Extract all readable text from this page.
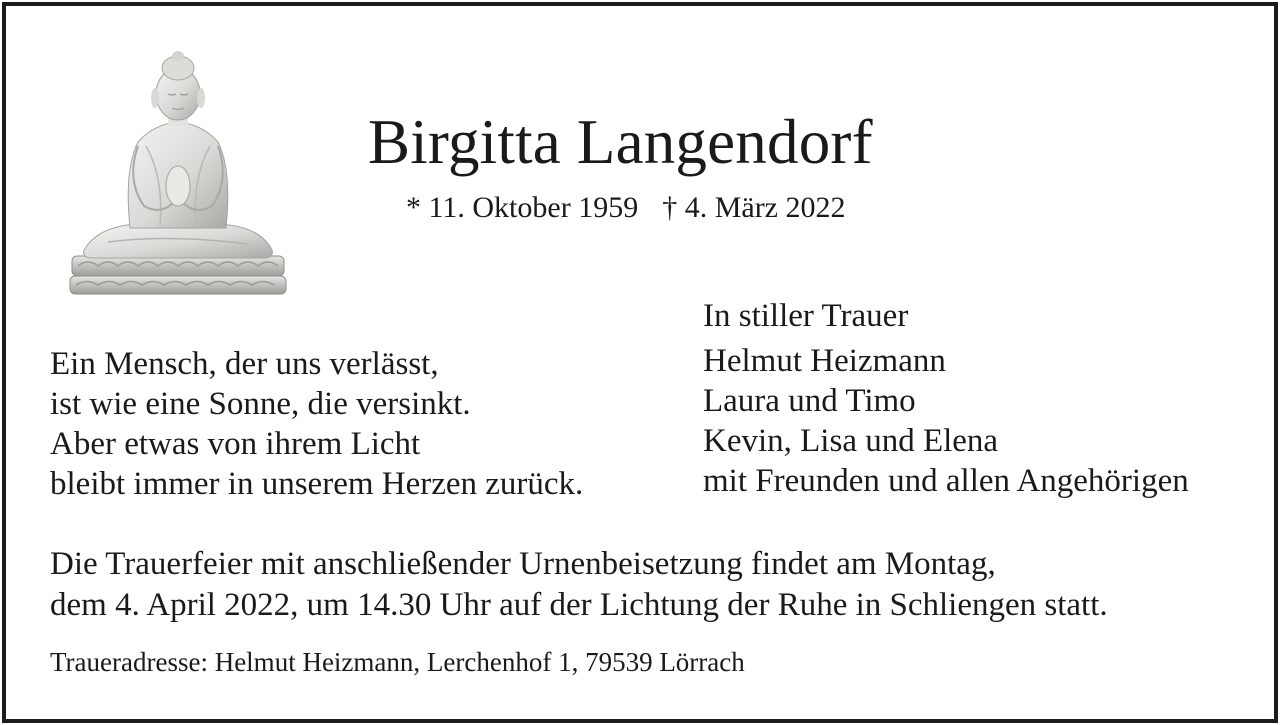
Birgitta Langendorf
* 11. Oktober 1959 † 4. März 2022
Ein Mensch, der uns verlässt,
ist wie eine Sonne, die versinkt.
Aber etwas von ihrem Licht
bleibt immer in unserem Herzen zurück.
In stiller Trauer
Helmut Heizmann
Laura und Timo
Kevin, Lisa und Elena
mit Freunden und allen Angehörigen
Die Trauerfeier mit anschließender Urnenbeisetzung findet am Montag,
dem 4. April 2022, um 14.30 Uhr auf der Lichtung der Ruhe in Schliengen statt.
Traueradresse: Helmut Heizmann, Lerchenhof 1, 79539 Lörrach
